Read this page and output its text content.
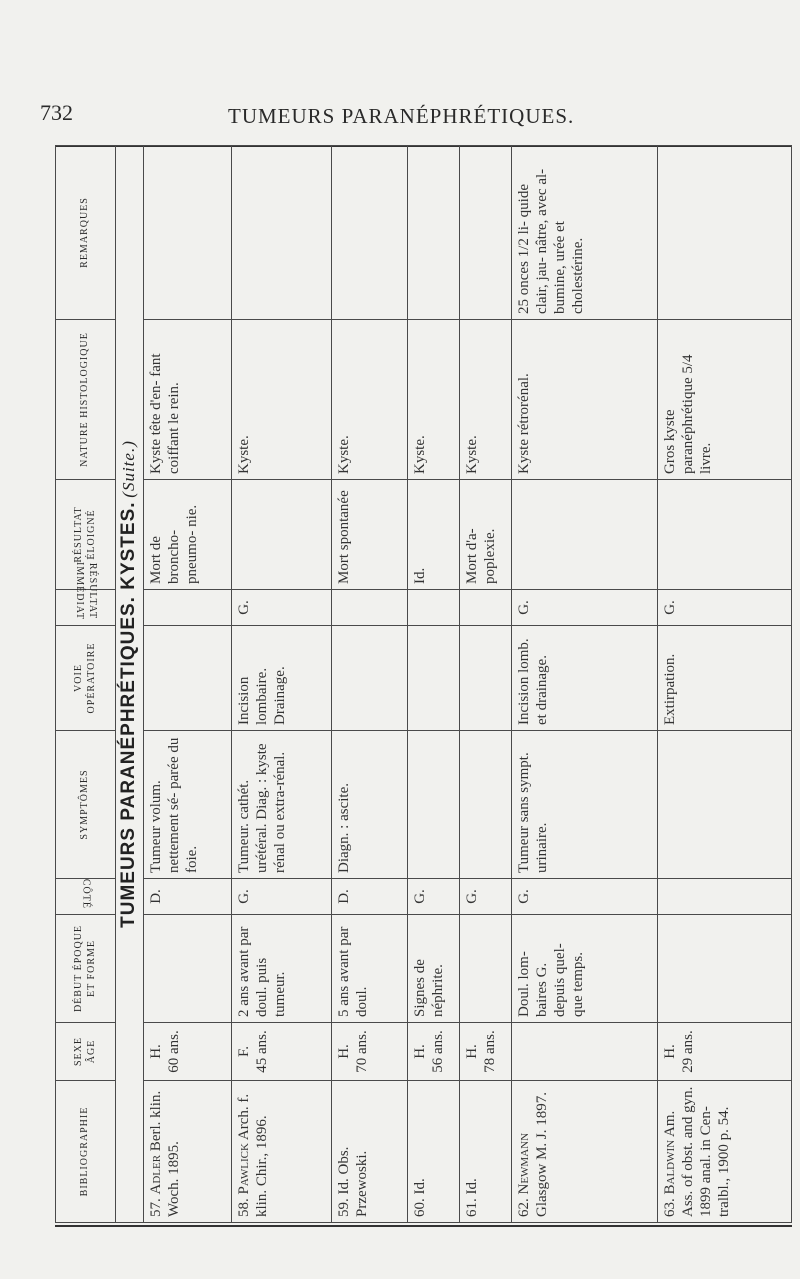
732	TUMEURS PARANÉPHRÉTIQUES.
BIBLIOGRAPHIE	SEXE ÂGE	DÉBUT ÉPOQUE ET FORME	CÔTÉ	SYMPTÔMES	VOIE OPÉRATOIRE	RÉSULTAT IMMÉDIAT	RÉSULTAT ÉLOIGNÉ	NATURE HISTOLOGIQUE	REMARQUES
TUMEURS PARANÉPHRÉTIQUES. KYSTES. (Suite.)									
57. Adler Berl. klin. Woch. 1895.	H. 60 ans.		D.	Tumeur volum. nettement sé- parée du foie.			Mort de broncho- pneumo- nie.	Kyste tête d'en- fant coiffant le rein.	
58. Pawlick Arch. f. klin. Chir., 1896.	F. 45 ans.	2 ans avant par doul. puis tumeur.	G.	Tumeur. cathét. urétéral. Diag. : kyste rénal ou extra-rénal.	Incision lombaire. Drainage.	G.		Kyste.	
59. Id. Obs. Przewoski.	H. 70 ans.	5 ans avant par doul.	D.	Diagn. : ascite.			Mort spontanée	Kyste.	
60. Id.	H. 56 ans.	Signes de néphrite.	G.				Id.	Kyste.	
61. Id.	H. 78 ans.		G.				Mort d'a- poplexie.	Kyste.	
62. Newmann Glasgow M. J. 1897.		Doul. lom- baires G. depuis quel- que temps.	G.	Tumeur sans sympt. urinaire.	Incision lomb. et drainage.	G.		Kyste rétrorénal.	25 onces 1/2 li- quide clair, jau- nâtre, avec al- bumine, urée et cholestérine.
63. Baldwin Am. Ass. of obst. and gyn. 1899 anal. in Cen- tralbl., 1900 p. 54.	H. 29 ans.				Extirpation.	G.		Gros kyste paranéphrétique 5/4 livre.	
